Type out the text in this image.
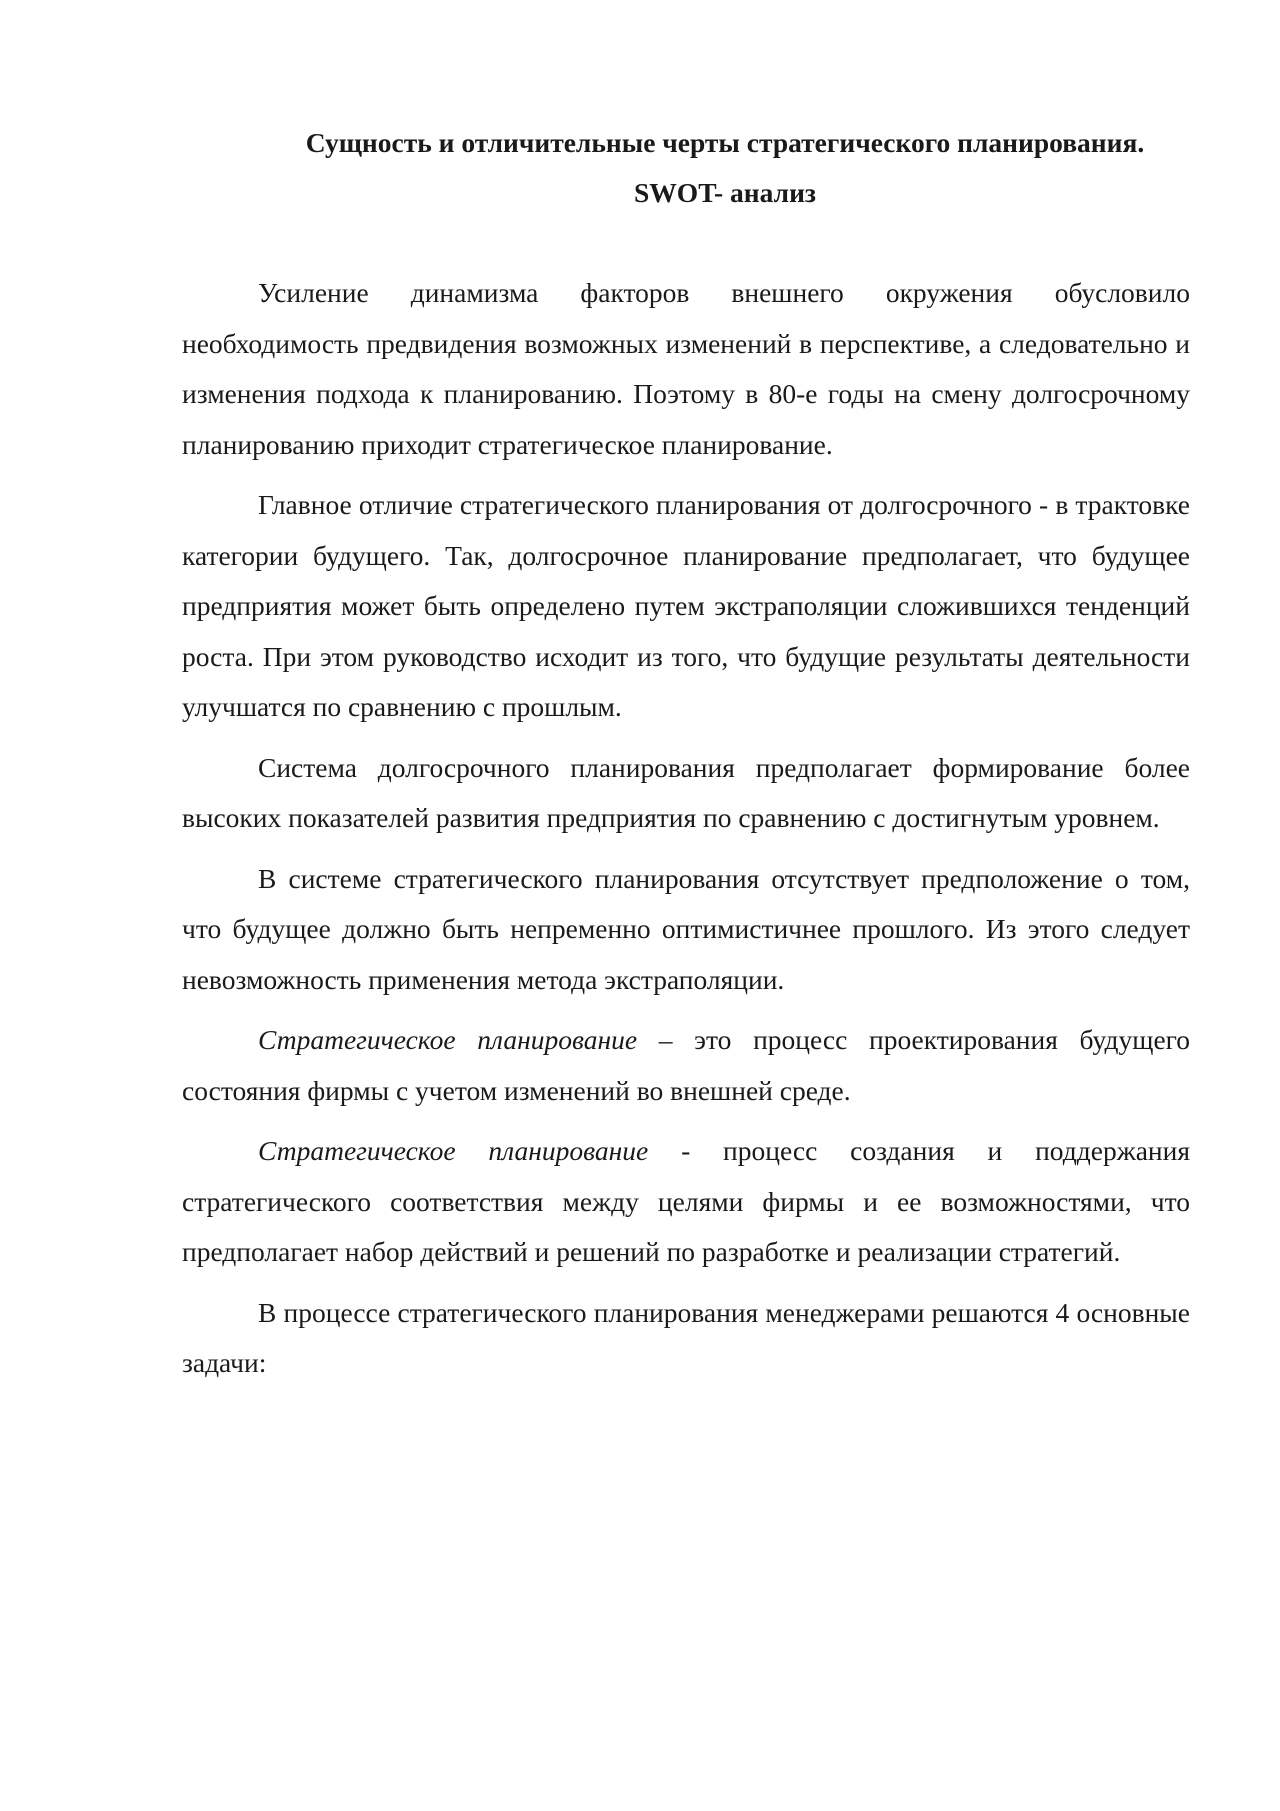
Сущность и отличительные черты стратегического планирования.
SWOT- анализ

Усиление динамизма факторов внешнего окружения обусловило необходимость предвидения возможных изменений в перспективе, а следовательно и изменения подхода к планированию. Поэтому в 80-е годы на смену долгосрочному планированию приходит стратегическое планирование.

Главное отличие стратегического планирования от долгосрочного - в трактовке категории будущего. Так, долгосрочное планирование предполагает, что будущее предприятия может быть определено путем экстраполяции сложившихся тенденций роста. При этом руководство исходит из того, что будущие результаты деятельности улучшатся по сравнению с прошлым.

Система долгосрочного планирования предполагает формирование более высоких показателей развития предприятия по сравнению с достигнутым уровнем.

В системе стратегического планирования отсутствует предположение о том, что будущее должно быть непременно оптимистичнее прошлого. Из этого следует невозможность применения метода экстраполяции.

Стратегическое планирование – это процесс проектирования будущего состояния фирмы с учетом изменений во внешней среде.

Стратегическое планирование - процесс создания и поддержания стратегического соответствия между целями фирмы и ее возможностями, что предполагает набор действий и решений по разработке и реализации стратегий.

В процессе стратегического планирования менеджерами решаются 4 основные задачи:
